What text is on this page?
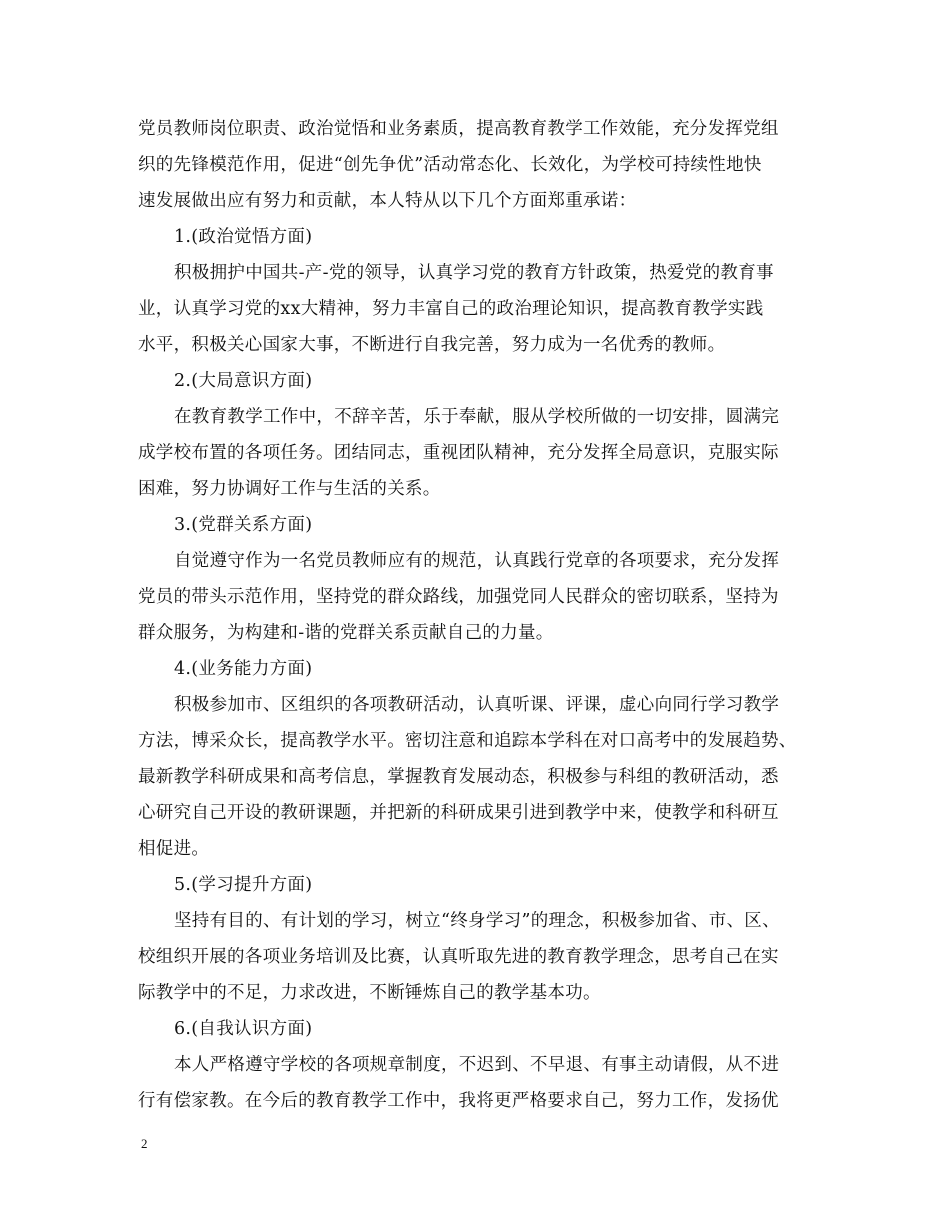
党员教师岗位职责、政治觉悟和业务素质，提高教育教学工作效能，充分发挥党组
织的先锋模范作用，促进“创先争优”活动常态化、长效化，为学校可持续性地快
速发展做出应有努力和贡献，本人特从以下几个方面郑重承诺：
1.(政治觉悟方面)
积极拥护中国共-产-党的领导，认真学习党的教育方针政策，热爱党的教育事
业，认真学习党的xx大精神，努力丰富自己的政治理论知识，提高教育教学实践
水平，积极关心国家大事，不断进行自我完善，努力成为一名优秀的教师。
2.(大局意识方面)
在教育教学工作中，不辞辛苦，乐于奉献，服从学校所做的一切安排，圆满完
成学校布置的各项任务。团结同志，重视团队精神，充分发挥全局意识，克服实际
困难，努力协调好工作与生活的关系。
3.(党群关系方面)
自觉遵守作为一名党员教师应有的规范，认真践行党章的各项要求，充分发挥
党员的带头示范作用，坚持党的群众路线，加强党同人民群众的密切联系，坚持为
群众服务，为构建和-谐的党群关系贡献自己的力量。
4.(业务能力方面)
积极参加市、区组织的各项教研活动，认真听课、评课，虚心向同行学习教学
方法，博采众长，提高教学水平。密切注意和追踪本学科在对口高考中的发展趋势、
最新教学科研成果和高考信息，掌握教育发展动态，积极参与科组的教研活动，悉
心研究自己开设的教研课题，并把新的科研成果引进到教学中来，使教学和科研互
相促进。
5.(学习提升方面)
坚持有目的、有计划的学习，树立“终身学习”的理念，积极参加省、市、区、
校组织开展的各项业务培训及比赛，认真听取先进的教育教学理念，思考自己在实
际教学中的不足，力求改进，不断锤炼自己的教学基本功。
6.(自我认识方面)
本人严格遵守学校的各项规章制度，不迟到、不早退、有事主动请假，从不进
行有偿家教。在今后的教育教学工作中，我将更严格要求自己，努力工作，发扬优
2
